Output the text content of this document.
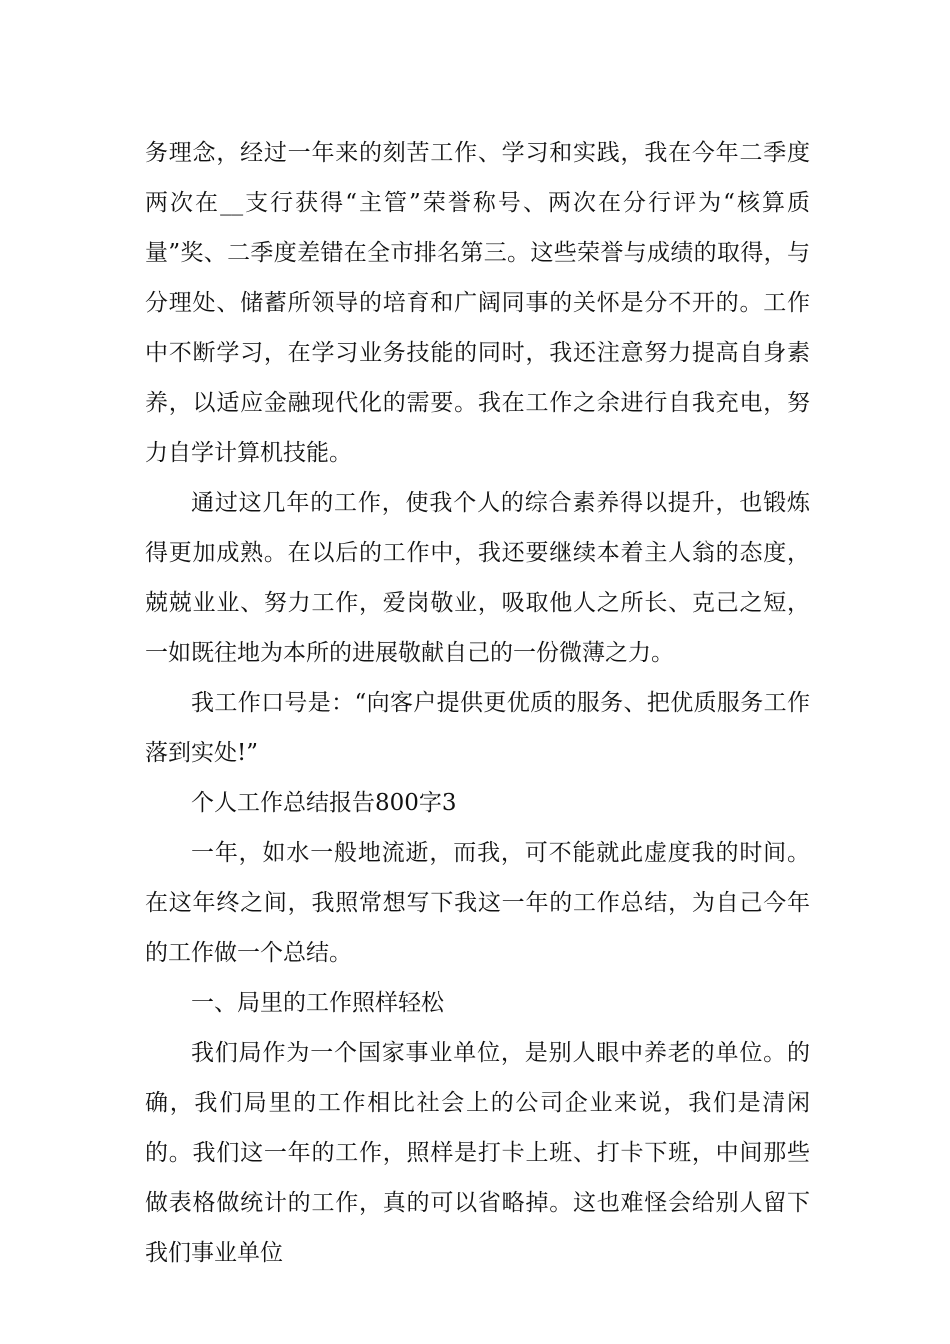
务理念，经过一年来的刻苦工作、学习和实践，我在今年二季度两次在__支行获得“主管”荣誉称号、两次在分行评为“核算质量”奖、二季度差错在全市排名第三。这些荣誉与成绩的取得，与分理处、储蓄所领导的培育和广阔同事的关怀是分不开的。工作中不断学习，在学习业务技能的同时，我还注意努力提高自身素养，以适应金融现代化的需要。我在工作之余进行自我充电，努力自学计算机技能。

通过这几年的工作，使我个人的综合素养得以提升，也锻炼得更加成熟。在以后的工作中，我还要继续本着主人翁的态度，兢兢业业、努力工作，爱岗敬业，吸取他人之所长、克己之短，一如既往地为本所的进展敬献自己的一份微薄之力。

我工作口号是：“向客户提供更优质的服务、把优质服务工作落到实处!”

个人工作总结报告800字3

一年，如水一般地流逝，而我，可不能就此虚度我的时间。在这年终之间，我照常想写下我这一年的工作总结，为自己今年的工作做一个总结。

一、局里的工作照样轻松

我们局作为一个国家事业单位，是别人眼中养老的单位。的确，我们局里的工作相比社会上的公司企业来说，我们是清闲的。我们这一年的工作，照样是打卡上班、打卡下班，中间那些做表格做统计的工作，真的可以省略掉。这也难怪会给别人留下我们事业单位
